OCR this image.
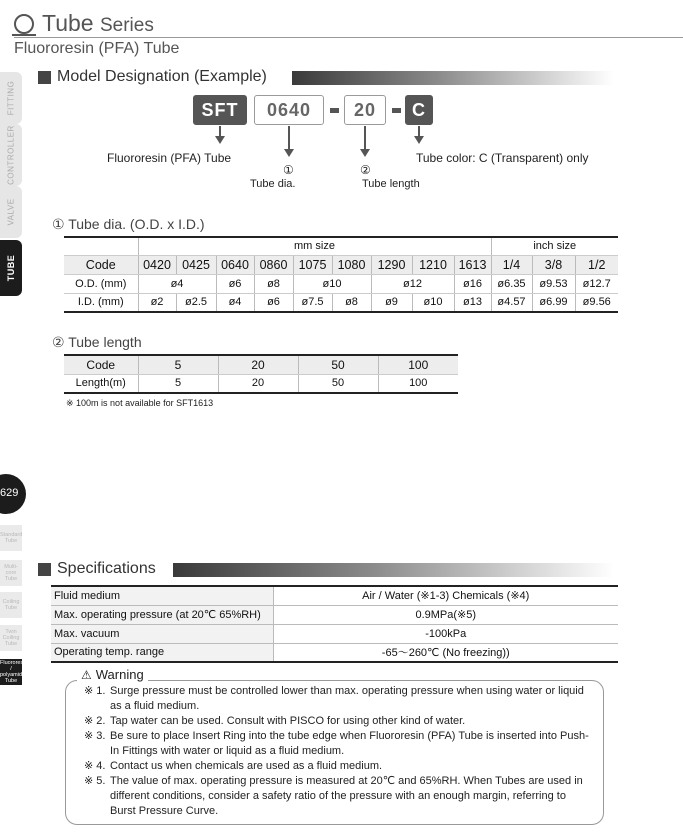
Tube Series
Fluororesin (PFA) Tube
FITTING
CONTROLLER
VALVE
TUBE
629
Standard Tube
Multi-core Tube
Coiling Tube
Twin Coiling Tube
Fluororesin / polyamide Tube
Model Designation (Example)
SFT	0640	20	C
Fluororesin (PFA) Tube
①
Tube dia.
②
Tube length
Tube color: C (Transparent) only
① Tube dia. (O.D. x I.D.)
	mm size									inch size		
Code	0420	0425	0640	0860	1075	1080	1290	1210	1613	1/4	3/8	1/2
O.D. (mm)	ø4		ø6	ø8	ø10		ø12		ø16	ø6.35	ø9.53	ø12.7
I.D. (mm)	ø2	ø2.5	ø4	ø6	ø7.5	ø8	ø9	ø10	ø13	ø4.57	ø6.99	ø9.56
② Tube length
Code	5	20	50	100
Length(m)	5	20	50	100
※ 100m is not available for SFT1613
Specifications
Fluid medium	Air / Water (※1-3) Chemicals (※4)
Max. operating pressure (at 20℃ 65%RH)	0.9MPa(※5)
Max. vacuum	-100kPa
Operating temp. range	-65～260℃ (No freezing))
⚠ Warning
※ 1. Surge pressure must be controlled lower than max. operating pressure when using water or liquid as a fluid medium.
※ 2. Tap water can be used. Consult with PISCO for using other kind of water.
※ 3. Be sure to place Insert Ring into the tube edge when Fluororesin (PFA) Tube is inserted into Push-In Fittings with water or liquid as a fluid medium.
※ 4. Contact us when chemicals are used as a fluid medium.
※ 5. The value of max. operating pressure is measured at 20℃ and 65%RH. When Tubes are used in different conditions, consider a safety ratio of the pressure with an enough margin, referring to Burst Pressure Curve.
